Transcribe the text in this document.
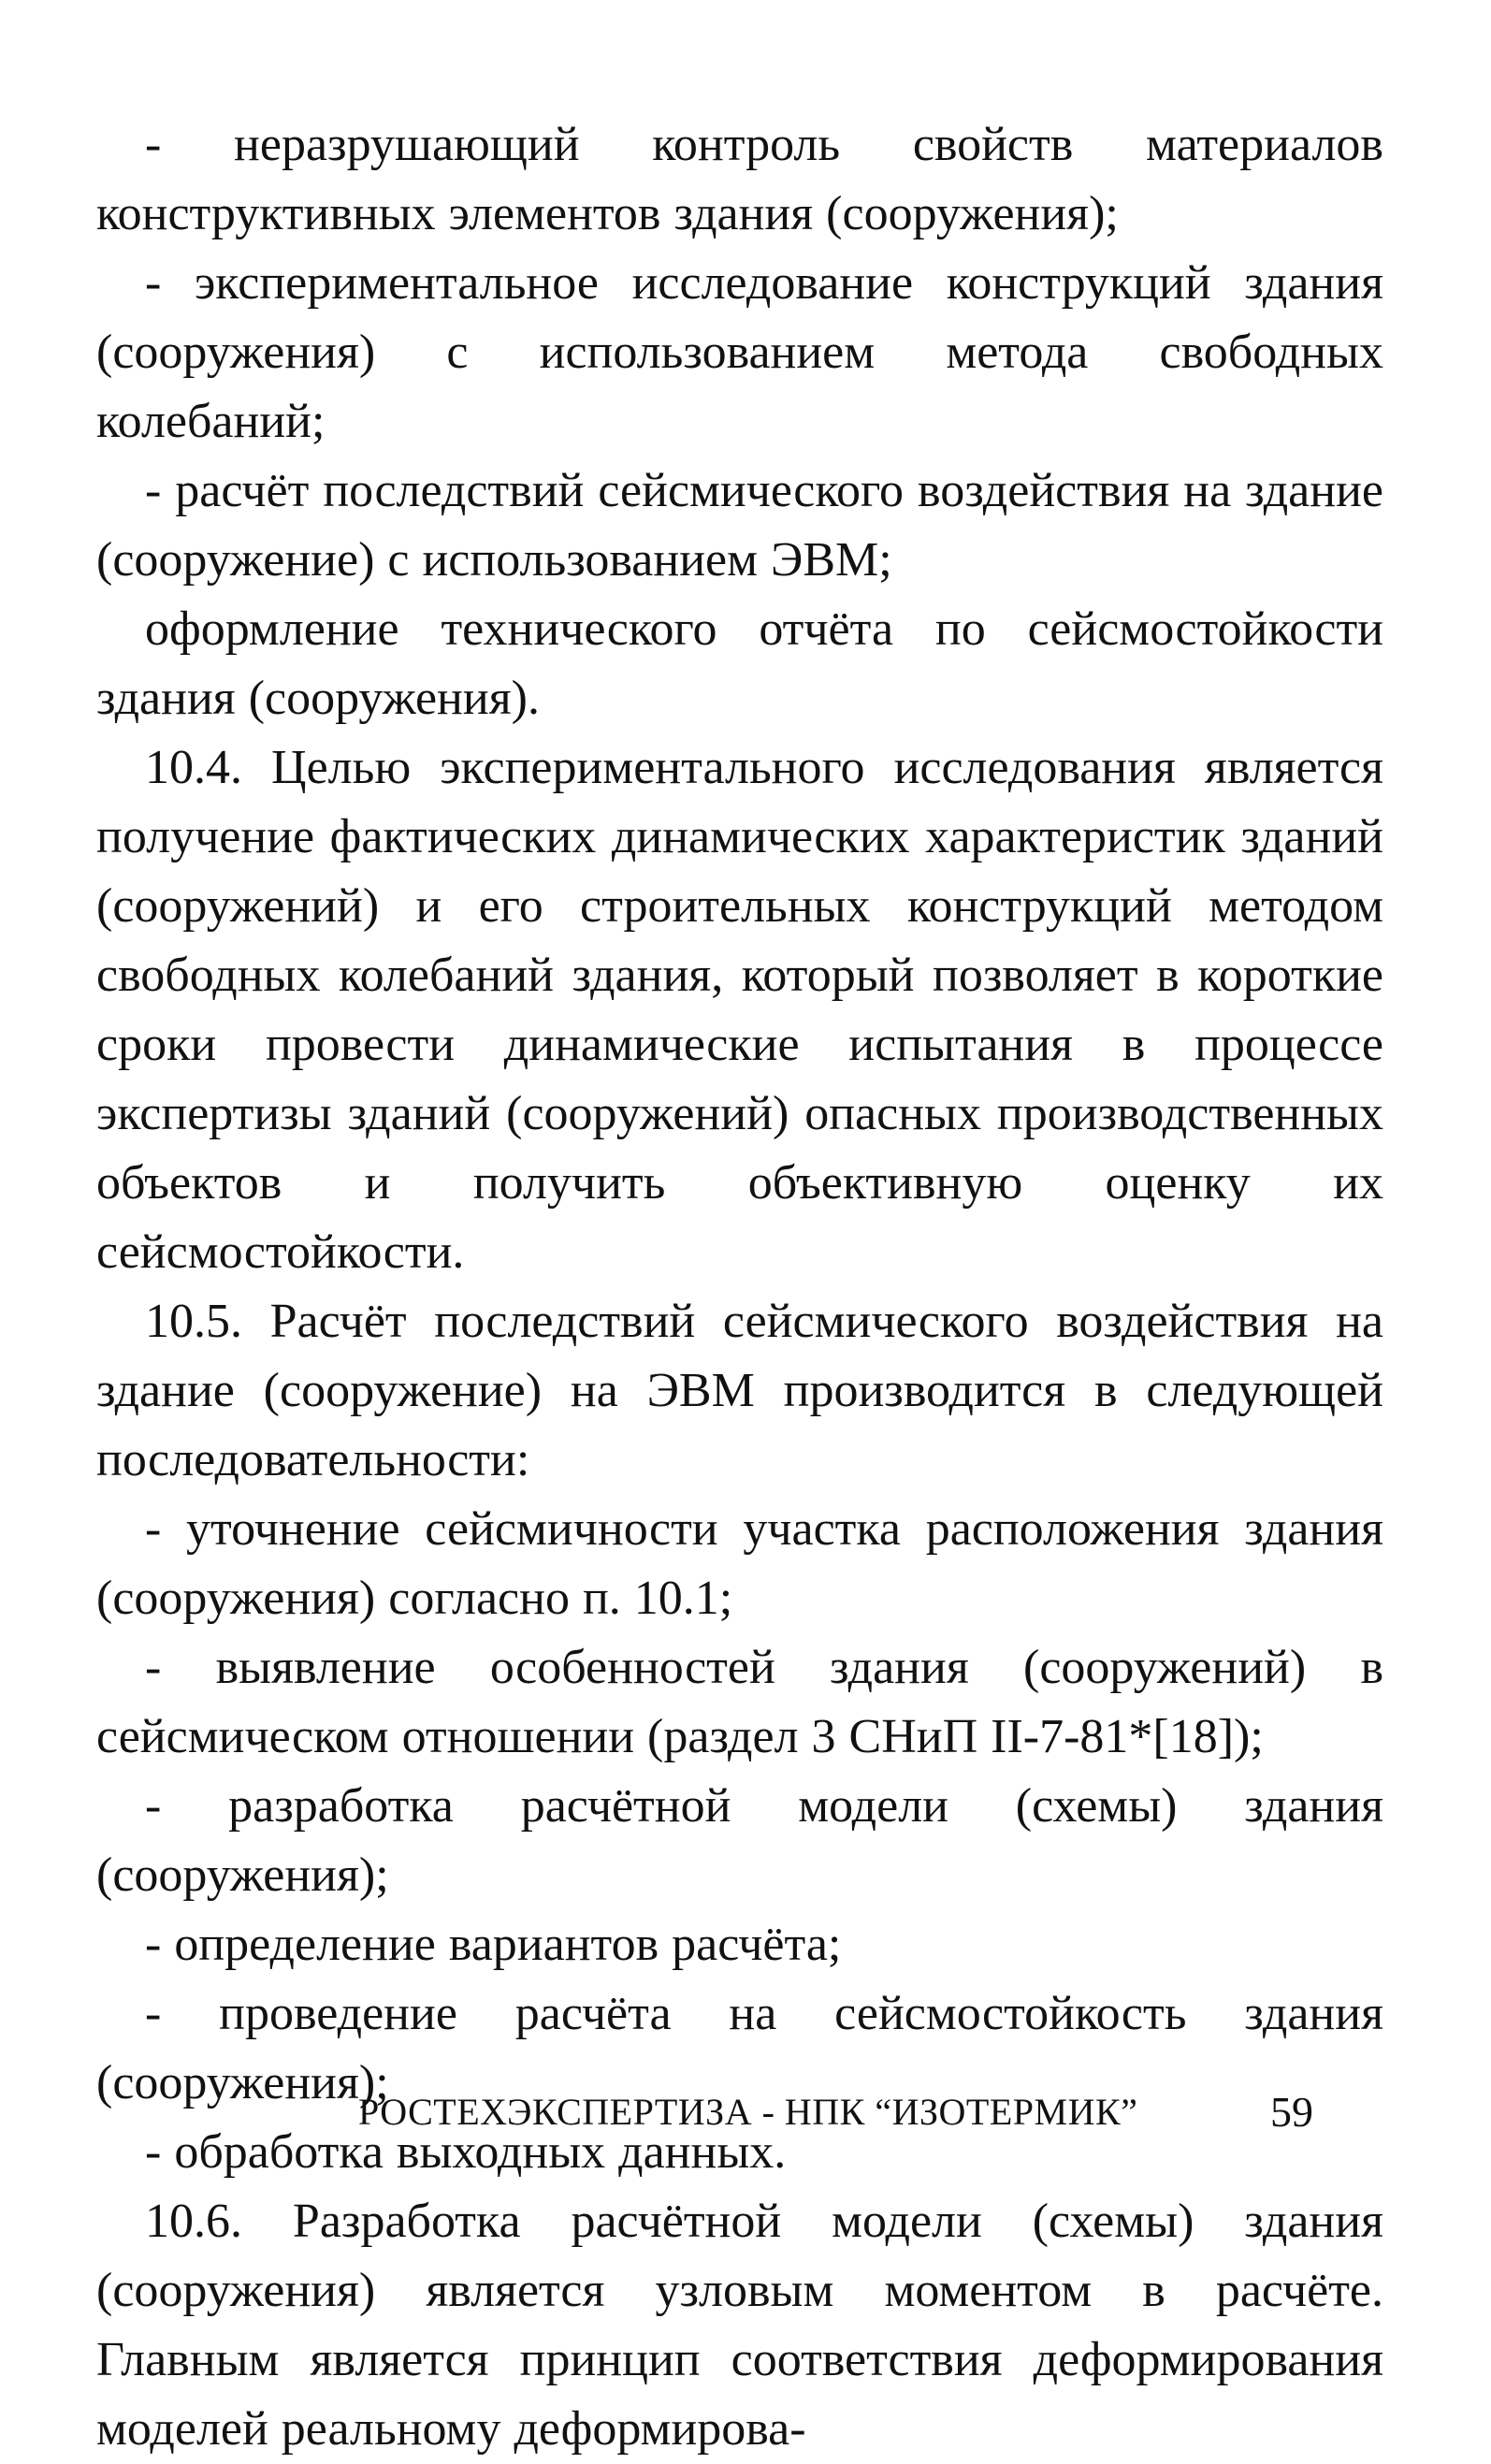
- неразрушающий контроль свойств материалов конструктивных элементов здания (сооружения);

- экспериментальное исследование конструкций здания (сооружения) с использованием метода свободных колебаний;

- расчёт последствий сейсмического воздействия на здание (сооружение) с использованием ЭВМ;

оформление технического отчёта по сейсмостойкости здания (сооружения).

10.4. Целью экспериментального исследования является получение фактических динамических характеристик зданий (сооружений) и его строительных конструкций методом свободных колебаний здания, который позволяет в короткие сроки провести динамические испытания в процессе экспертизы зданий (сооружений) опасных производственных объектов и получить объективную оценку их сейсмостойкости.

10.5. Расчёт последствий сейсмического воздействия на здание (сооружение) на ЭВМ производится в следующей последовательности:

- уточнение сейсмичности участка расположения здания (сооружения) согласно п. 10.1;

- выявление особенностей здания (сооружений) в сейсмическом отношении (раздел 3 СНиП II-7-81*[18]);

- разработка расчётной модели (схемы) здания (сооружения);

- определение вариантов расчёта;

- проведение расчёта на сейсмостойкость здания (сооружения);

- обработка выходных данных.

10.6. Разработка расчётной модели (схемы) здания (сооружения) является узловым моментом в расчёте. Главным является принцип соответствия деформирования моделей реальному деформирова-

РОСТЕХЭКСПЕРТИЗА - НПК “ИЗОТЕРМИК”	59
